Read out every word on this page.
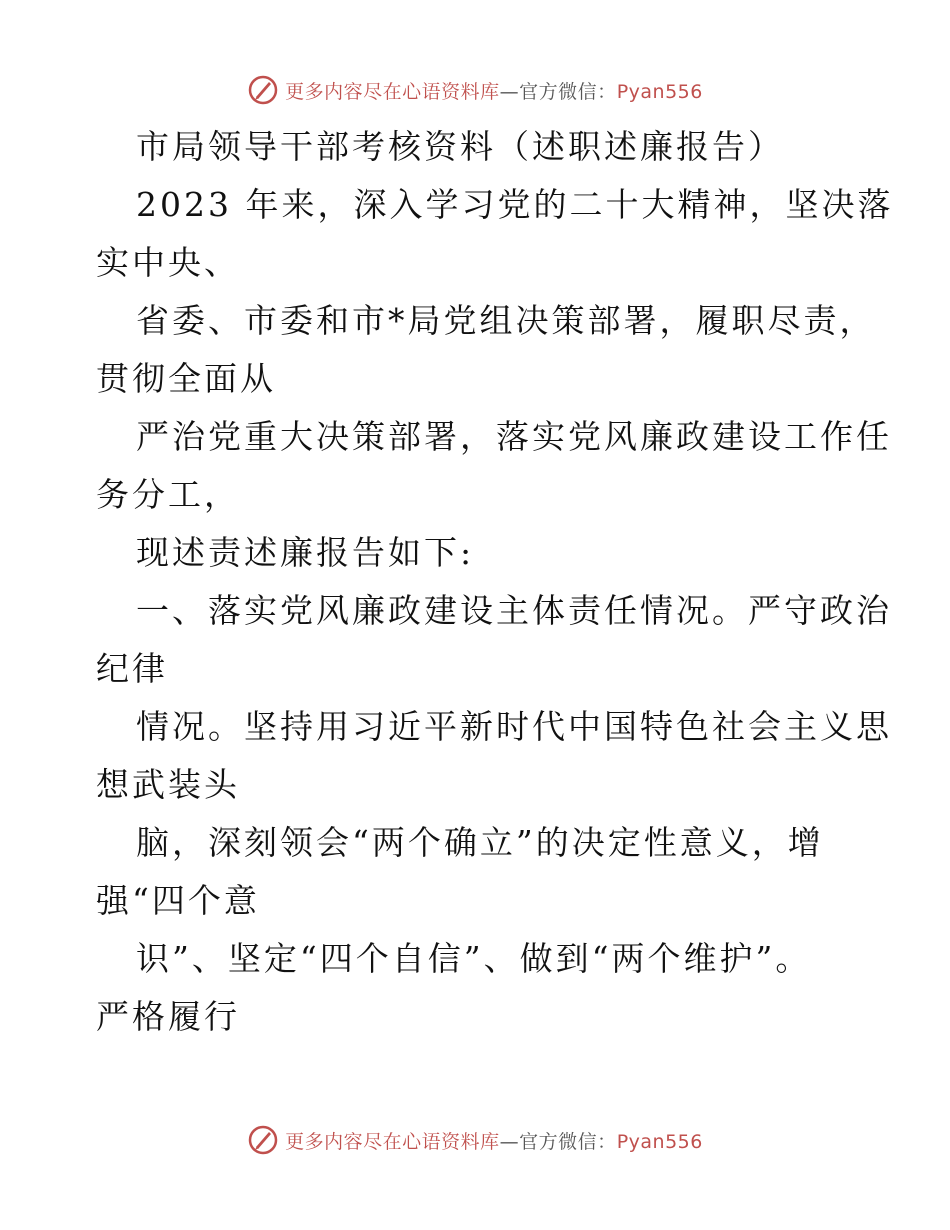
更多内容尽在心语资料库—官方微信：Pyan556
市局领导干部考核资料（述职述廉报告）
2023 年来，深入学习党的二十大精神，坚决落
实中央、
省委、市委和市*局党组决策部署，履职尽责，
贯彻全面从
严治党重大决策部署，落实党风廉政建设工作任
务分工，
现述责述廉报告如下:
一、落实党风廉政建设主体责任情况。严守政治
纪律
情况。坚持用习近平新时代中国特色社会主义思
想武装头
脑，深刻领会“两个确立”的决定性意义，增
强“四个意
识”、坚定“四个自信”、做到“两个维护”。
严格履行
更多内容尽在心语资料库—官方微信：Pyan556
